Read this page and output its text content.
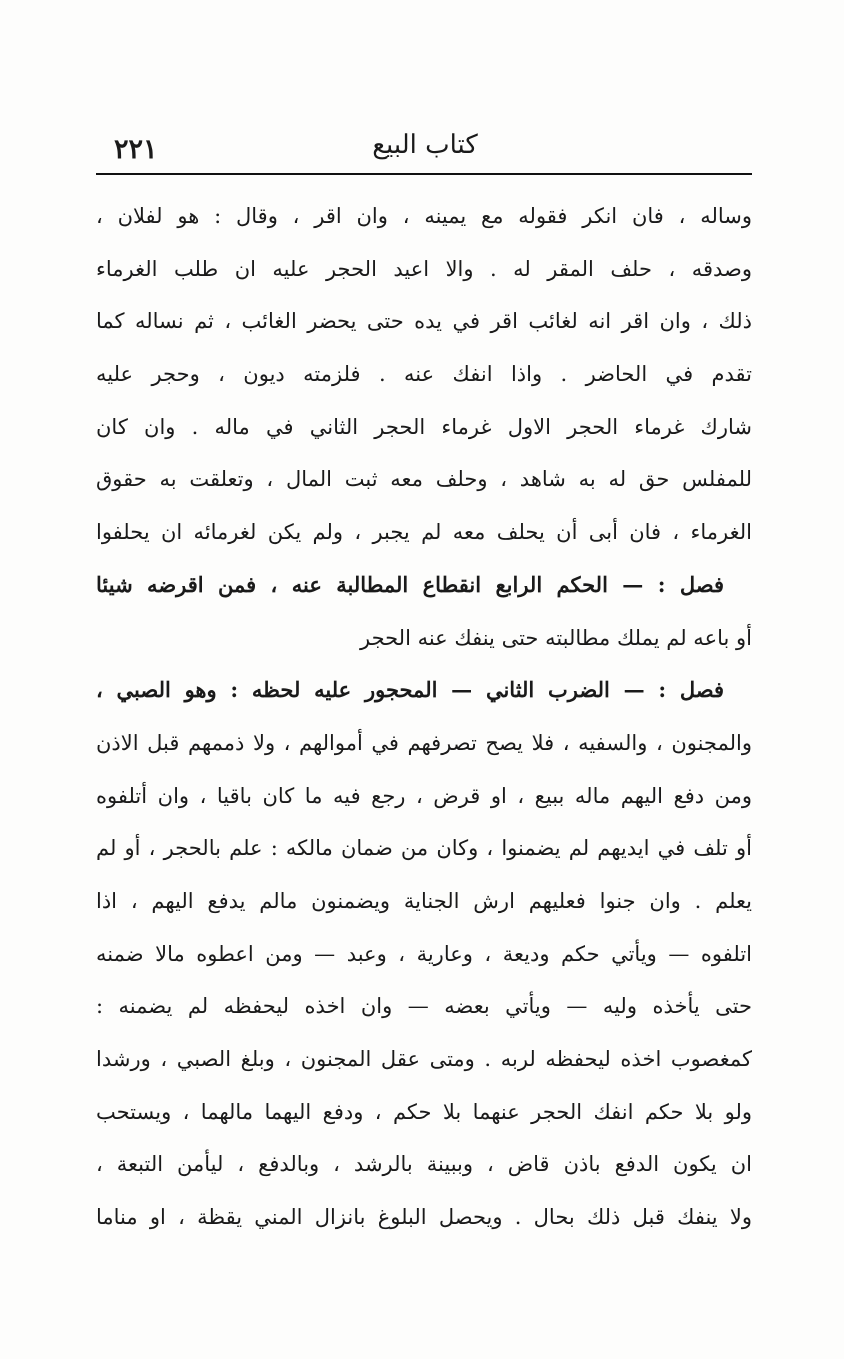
٢٢١	كتاب البيع
وساله ، فان انكر فقوله مع يمينه ، وان اقر ، وقال : هو لفلان ،
وصدقه ، حلف المقر له . والا اعيد الحجر عليه ان طلب الغرماء
ذلك ، وان اقر انه لغائب اقر في يده حتى يحضر الغائب ، ثم نساله كما
تقدم في الحاضر . واذا انفك عنه . فلزمته ديون ، وحجر عليه
شارك غرماء الحجر الاول غرماء الحجر الثاني في ماله . وان كان
للمفلس حق له به شاهد ، وحلف معه ثبت المال ، وتعلقت به حقوق
الغرماء ، فان أبى أن يحلف معه لم يجبر ، ولم يكن لغرمائه ان يحلفوا
فصل : — الحكم الرابع انقطاع المطالبة عنه ، فمن اقرضه شيئا
أو باعه لم يملك مطالبته حتى ينفك عنه الحجر
فصل : — الضرب الثاني — المحجور عليه لحظه : وهو الصبي ،
والمجنون ، والسفيه ، فلا يصح تصرفهم في أموالهم ، ولا ذممهم قبل الاذن
ومن دفع اليهم ماله ببيع ، او قرض ، رجع فيه ما كان باقيا ، وان أتلفوه
أو تلف في ايديهم لم يضمنوا ، وكان من ضمان مالكه : علم بالحجر ، أو لم
يعلم . وان جنوا فعليهم ارش الجناية ويضمنون مالم يدفع اليهم ، اذا
اتلفوه — ويأتي حكم وديعة ، وعارية ، وعبد — ومن اعطوه مالا ضمنه
حتى يأخذه وليه — ويأتي بعضه — وان اخذه ليحفظه لم يضمنه :
كمغصوب اخذه ليحفظه لربه . ومتى عقل المجنون ، وبلغ الصبي ، ورشدا
ولو بلا حكم انفك الحجر عنهما بلا حكم ، ودفع اليهما مالهما ، ويستحب
ان يكون الدفع باذن قاض ، وببينة بالرشد ، وبالدفع ، ليأمن التبعة ،
ولا ينفك قبل ذلك بحال . ويحصل البلوغ بانزال المني يقظة ، او مناما
